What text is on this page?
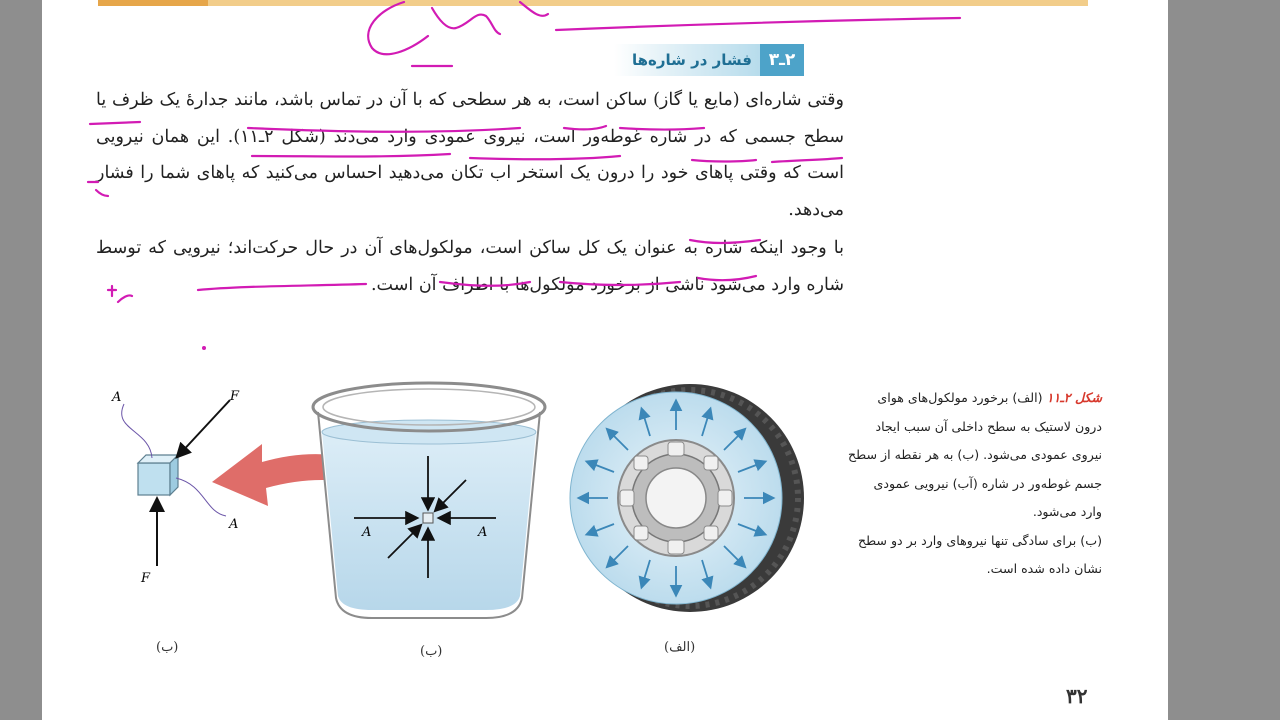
۲ـ۳
فشار در شاره‌ها

وقتی شاره‌ای (مایع یا گاز) ساکن است، به هر سطحی که با آن در تماس باشد، مانند جدارهٔ یک ظرف یا سطح جسمی که در شاره غوطه‌ور است، نیروی عمودی وارد می‌دند (شکل ۲ـ۱۱). این همان نیرویی است که وقتی پاهای خود را درون یک استخر اب تکان می‌دهید احساس می‌کنید که پاهای شما را فشار می‌دهد.

با وجود اینکه شاره به عنوان یک کل ساکن است، مولکول‌های آن در حال حرکت‌اند؛ نیرویی که توسط شاره وارد می‌شود ناشی از برخورد مولکول‌ها با اطراف آن است.

F
F
A
A
A	A

شکل ۲ـ۱۱ (الف) برخورد مولکول‌های هوای

درون لاستیک به سطح داخلی آن سبب ایجاد

نیروی عمودی می‌شود. (ب) به هر نقطه از سطح

جسم غوطه‌ور در شاره (آب) نیرویی عمودی

وارد می‌شود.

(ب) برای سادگی تنها نیروهای وارد بر دو سطح

نشان داده شده است.

(ب)	(ب)	(الف)
۳۲
